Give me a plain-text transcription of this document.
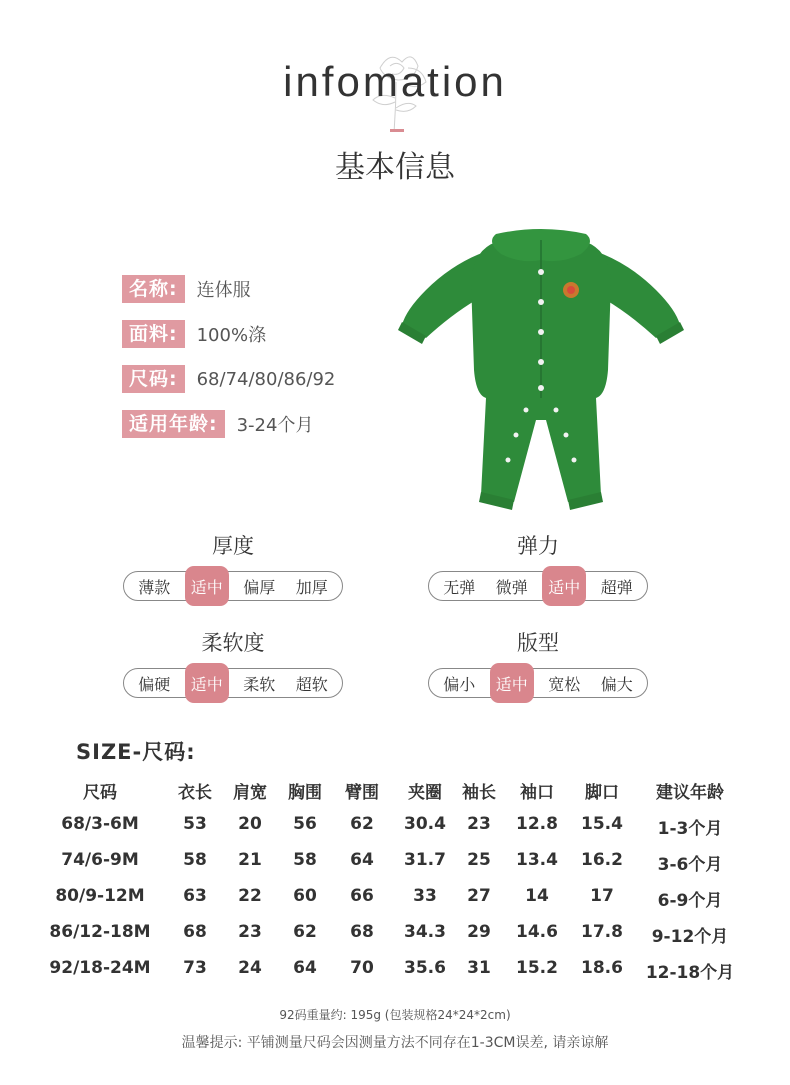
infomation
基本信息
名称:	连体服
面料:	100%涤
尺码:	68/74/80/86/92
适用年龄:	3-24个月
厚度
薄款	适中	偏厚	加厚
弹力
无弹	微弹	适中	超弹
柔软度
偏硬	适中	柔软	超软
版型
偏小	适中	宽松	偏大
SIZE-尺码:
尺码	衣长 肩宽 胸围 臂围 夹圈 袖长 袖口 脚口 建议年龄
68/3-6M	53 20 56 62 30.4 23 12.8 15.4 1-3个月
74/6-9M	58 21 58 64 31.7 25 13.4 16.2 3-6个月
80/9-12M 63 22 60 66 33 27 14 17	6-9个月
86/12-18M 68 23 62 68 34.3 29 14.6 17.8 9-12个月
92/18-24M 73 24 64 70 35.6 31 15.2 18.6 12-18个月
92码重量约: 195g (包装规格24*24*2cm)
温馨提示: 平铺测量尺码会因测量方法不同存在1-3CM误差, 请亲谅解
